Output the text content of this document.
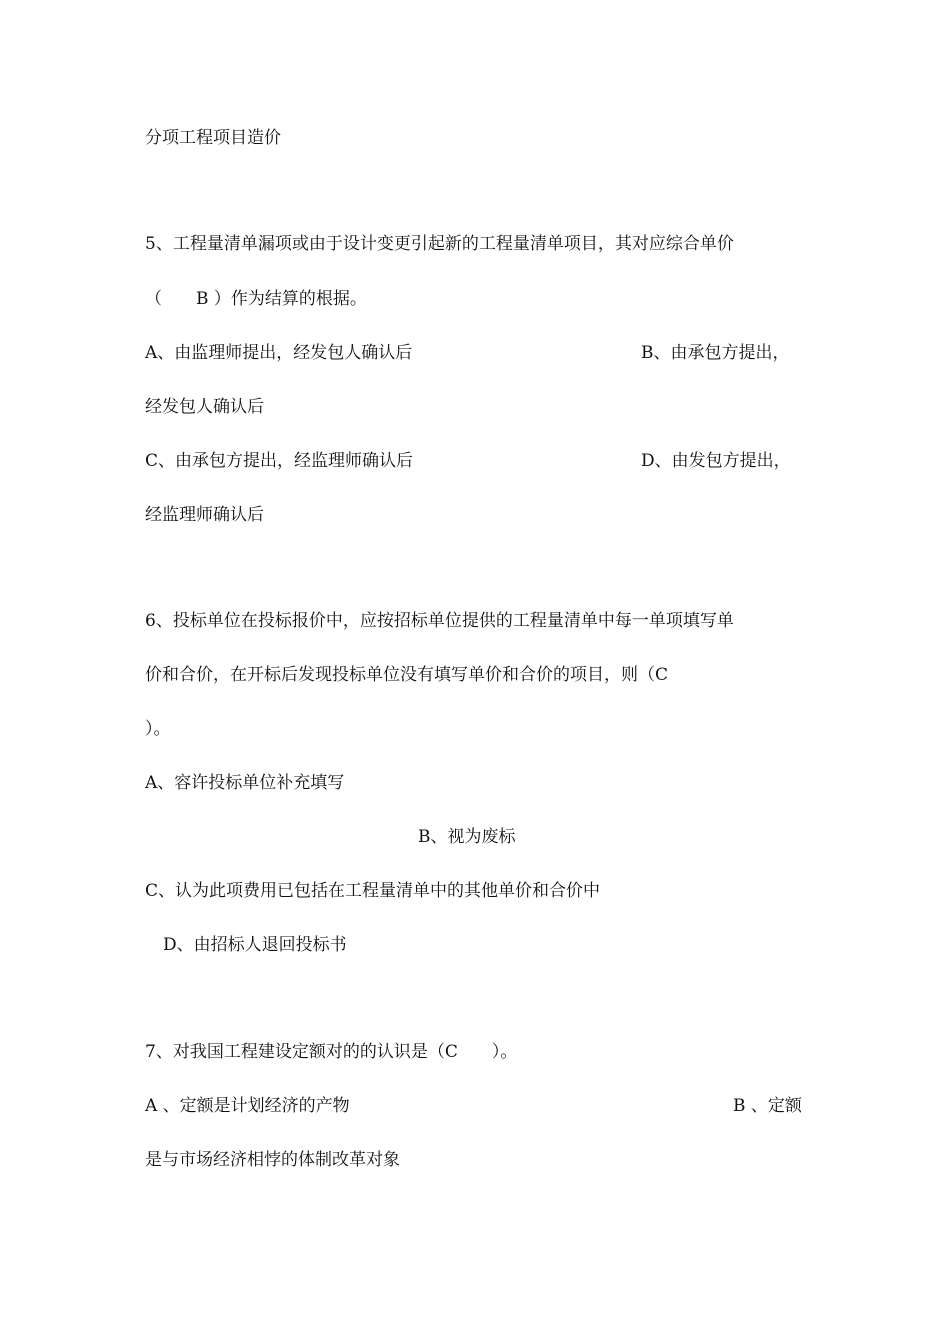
分项工程项目造价
5、工程量清单漏项或由于设计变更引起新的工程量清单项目，其对应综合单价
（　　B ）作为结算的根据。
A、由监理师提出，经发包人确认后	B、由承包方提出，
经发包人确认后
C、由承包方提出，经监理师确认后	D、由发包方提出，
经监理师确认后
6、投标单位在投标报价中，应按招标单位提供的工程量清单中每一单项填写单
价和合价，在开标后发现投标单位没有填写单价和合价的项目，则（C
）。
A、容许投标单位补充填写
B、视为废标
C、认为此项费用已包括在工程量清单中的其他单价和合价中
D、由招标人退回投标书
7、对我国工程建设定额对的的认识是（C　　）。
A 、定额是计划经济的产物	B 、定额
是与市场经济相悖的体制改革对象
